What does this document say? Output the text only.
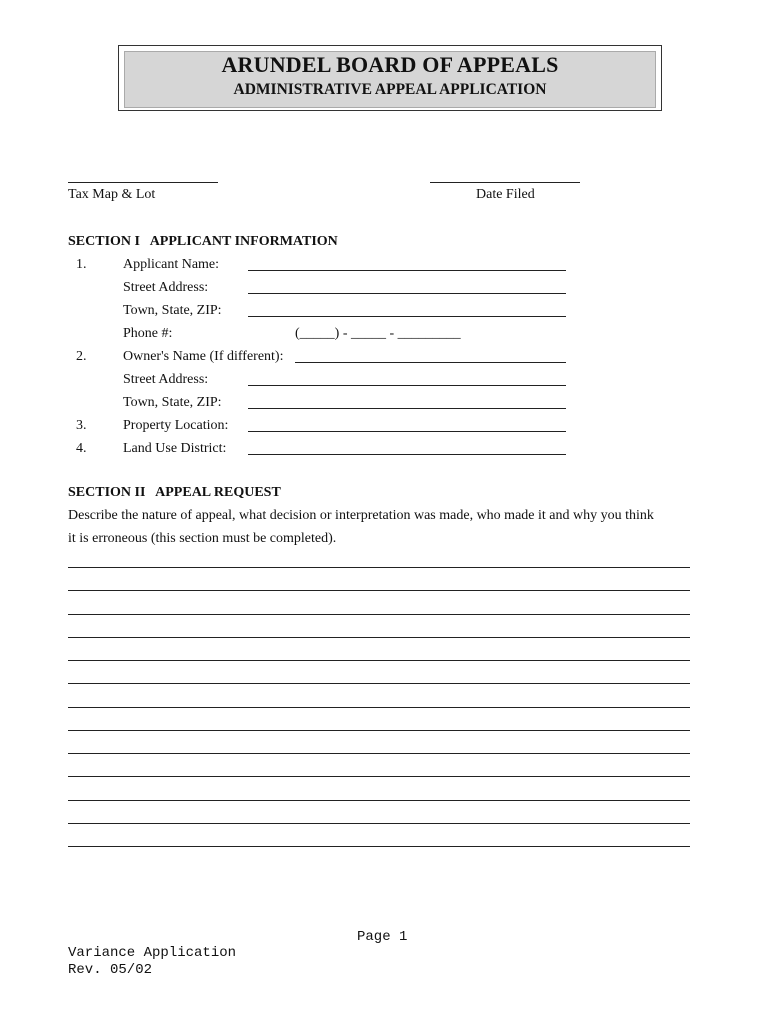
ARUNDEL BOARD OF APPEALS
ADMINISTRATIVE APPEAL APPLICATION
Tax Map & Lot	Date Filed
SECTION I   APPLICANT INFORMATION
1.	Applicant Name:
Street Address:
Town, State, ZIP:
Phone #:	(_____) - _____ - _________
2.	Owner's Name (If different):
Street Address:
Town, State, ZIP:
3.	Property Location:
4.	Land Use District:
SECTION II   APPEAL REQUEST
Describe the nature of appeal, what decision or interpretation was made, who made it and why you think
it is erroneous (this section must be completed).
Page 1
Variance Application
Rev. 05/02
